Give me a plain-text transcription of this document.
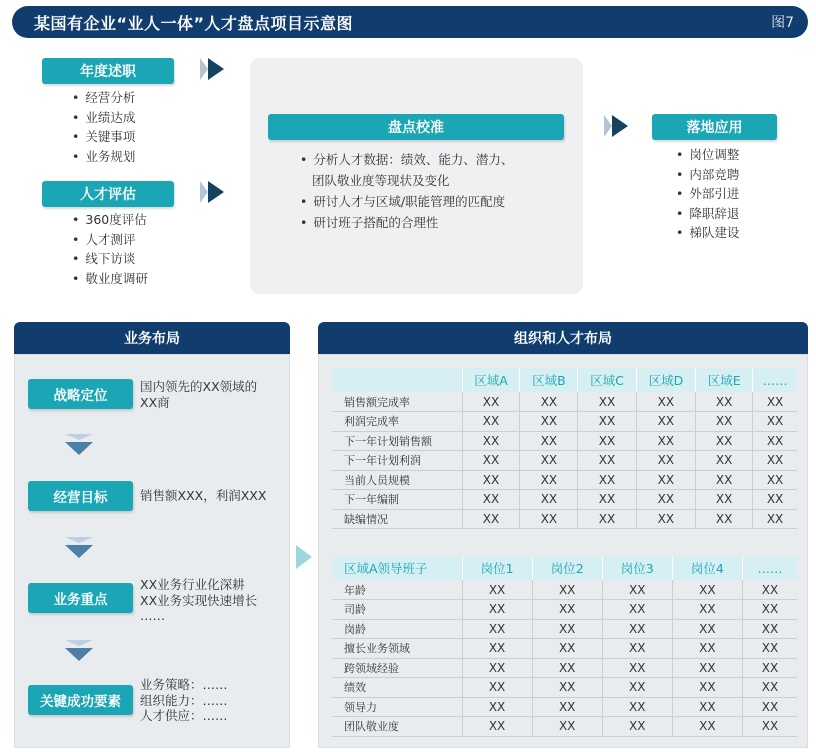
某国有企业“业人一体”人才盘点项目示意图	图7
年度述职
• 经营分析
• 业绩达成
• 关键事项
• 业务规划
人才评估
• 360度评估
• 人才测评
• 线下访谈
• 敬业度调研
盘点校准
• 分析人才数据：绩效、能力、潜力、
团队敬业度等现状及变化
• 研讨人才与区域/职能管理的匹配度
• 研讨班子搭配的合理性
落地应用
• 岗位调整
• 内部竞聘
• 外部引进
• 降职辞退
• 梯队建设
业务布局
战略定位
国内领先的XX领域的
XX商
经营目标	销售额XXX，利润XXX
业务重点
XX业务行业化深耕
XX业务实现快速增长
……
关键成功要素
业务策略：……
组织能力：……
人才供应：……
组织和人才布局
	区域A	区域B	区域C	区域D	区域E	……
销售额完成率	XX	XX	XX	XX	XX	XX
利润完成率	XX	XX	XX	XX	XX	XX
下一年计划销售额	XX	XX	XX	XX	XX	XX
下一年计划利润	XX	XX	XX	XX	XX	XX
当前人员规模	XX	XX	XX	XX	XX	XX
下一年编制	XX	XX	XX	XX	XX	XX
缺编情况	XX	XX	XX	XX	XX	XX
区域A领导班子	岗位1	岗位2	岗位3	岗位4	……
年龄	XX	XX	XX	XX	XX
司龄	XX	XX	XX	XX	XX
岗龄	XX	XX	XX	XX	XX
擅长业务领域	XX	XX	XX	XX	XX
跨领域经验	XX	XX	XX	XX	XX
绩效	XX	XX	XX	XX	XX
领导力	XX	XX	XX	XX	XX
团队敬业度	XX	XX	XX	XX	XX
